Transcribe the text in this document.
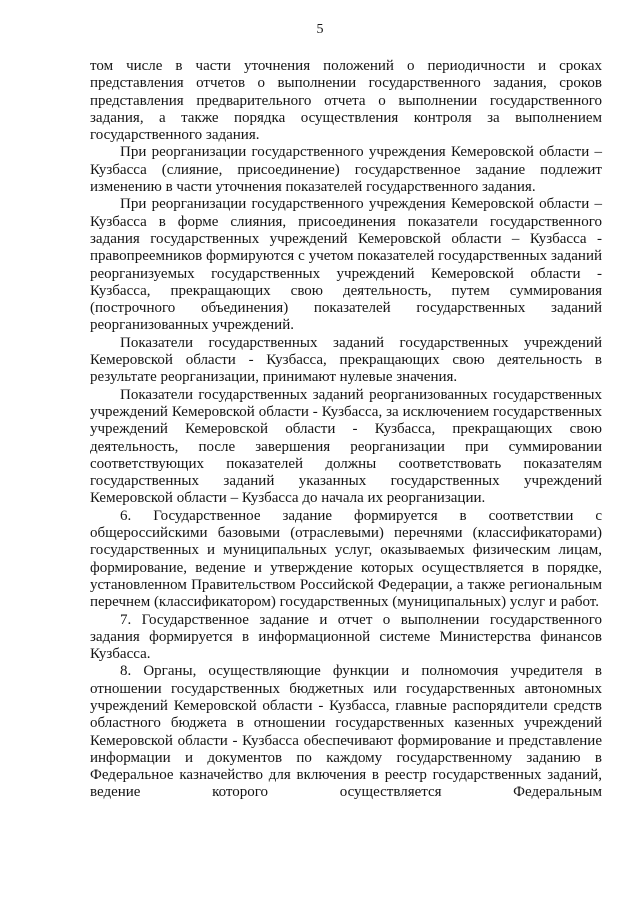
5

том числе в части уточнения положений о периодичности и сроках представления отчетов о выполнении государственного задания, сроков представления предварительного отчета о выполнении государственного задания, а также порядка осуществления контроля за выполнением государственного задания.

При реорганизации государственного учреждения Кемеровской области – Кузбасса (слияние, присоединение) государственное задание подлежит изменению в части уточнения показателей государственного задания.

При реорганизации государственного учреждения Кемеровской области – Кузбасса в форме слияния, присоединения показатели государственного задания государственных учреждений Кемеровской области – Кузбасса - правопреемников формируются с учетом показателей государственных заданий реорганизуемых государственных учреждений Кемеровской области - Кузбасса, прекращающих свою деятельность, путем суммирования (построчного объединения) показателей государственных заданий реорганизованных учреждений.

Показатели государственных заданий государственных учреждений Кемеровской области - Кузбасса, прекращающих свою деятельность в результате реорганизации, принимают нулевые значения.

Показатели государственных заданий реорганизованных государственных учреждений Кемеровской области - Кузбасса, за исключением государственных учреждений Кемеровской области - Кузбасса, прекращающих свою деятельность, после завершения реорганизации при суммировании соответствующих показателей должны соответствовать показателям государственных заданий указанных государственных учреждений Кемеровской области – Кузбасса до начала их реорганизации.

6. Государственное задание формируется в соответствии с общероссийскими базовыми (отраслевыми) перечнями (классификаторами) государственных и муниципальных услуг, оказываемых физическим лицам, формирование, ведение и утверждение которых осуществляется в порядке, установленном Правительством Российской Федерации, а также региональным перечнем (классификатором) государственных (муниципальных) услуг и работ.

7. Государственное задание и отчет о выполнении государственного задания формируется в информационной системе Министерства финансов Кузбасса.

8. Органы, осуществляющие функции и полномочия учредителя в отношении государственных бюджетных или государственных автономных учреждений Кемеровской области - Кузбасса, главные распорядители средств областного бюджета в отношении государственных казенных учреждений Кемеровской области - Кузбасса обеспечивают формирование и представление информации и документов по каждому государственному заданию в Федеральное казначейство для включения в реестр государственных заданий, ведение которого осуществляется Федеральным
